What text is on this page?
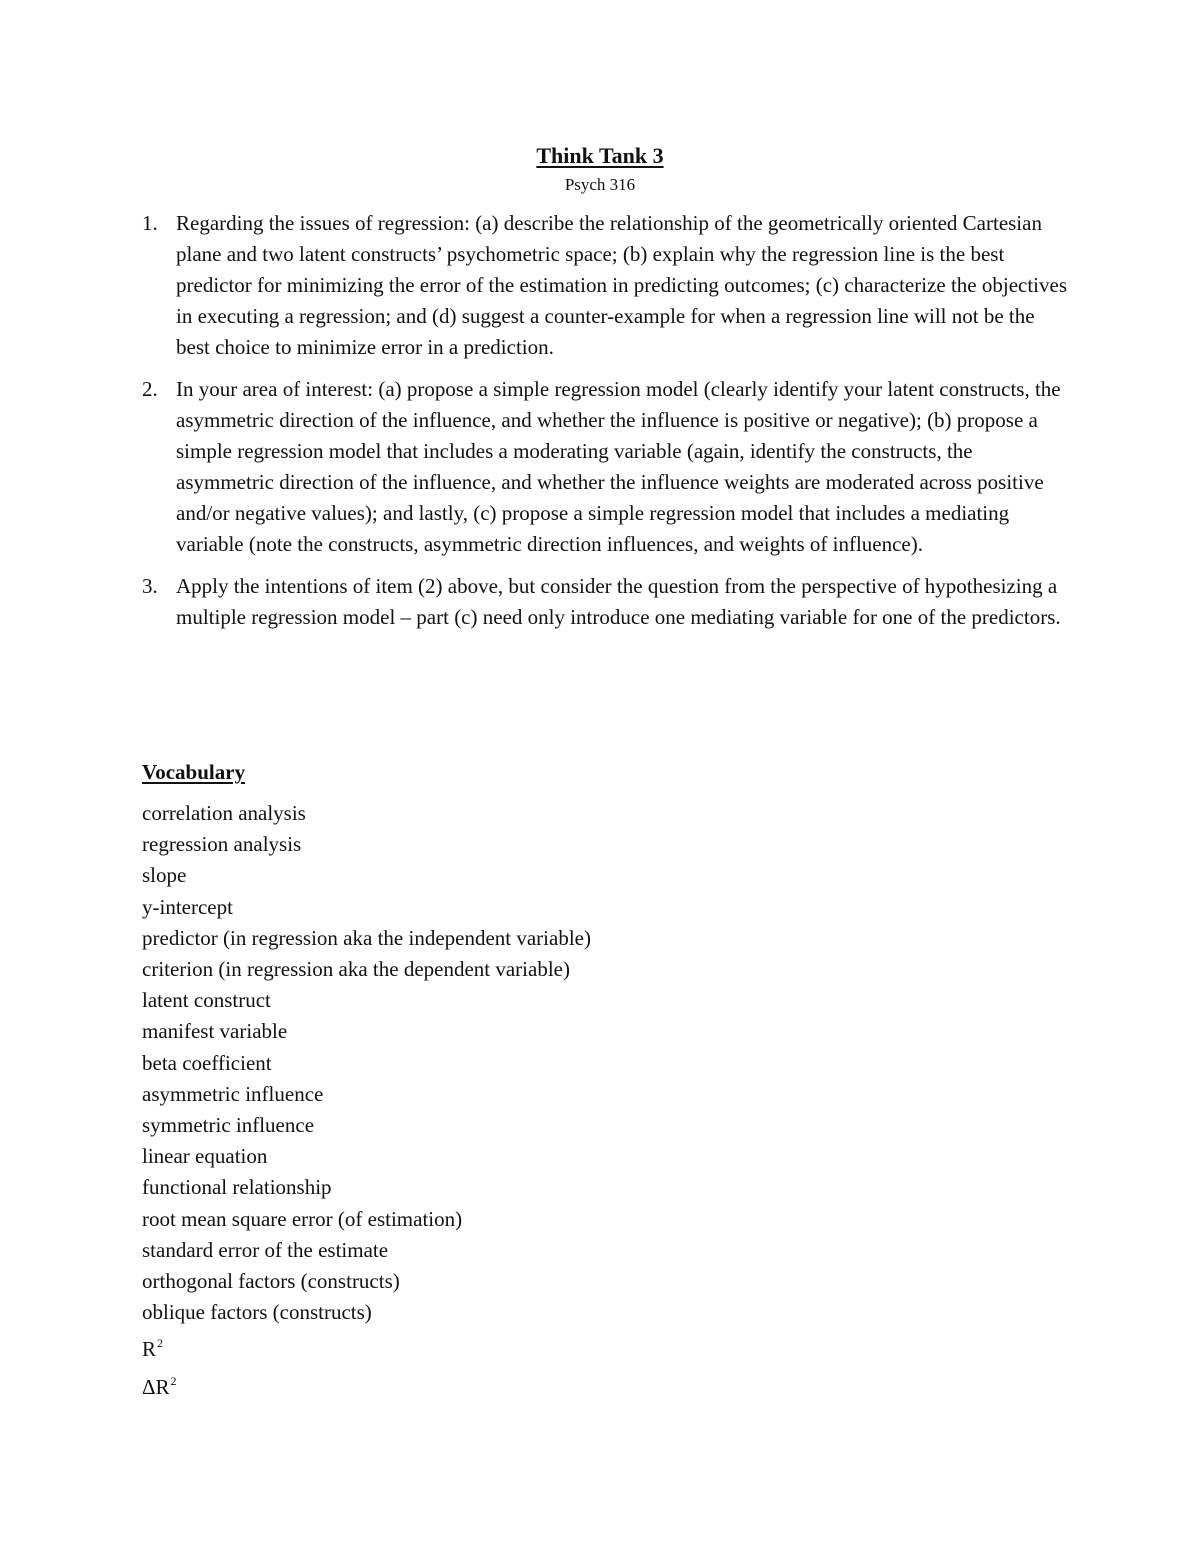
Think Tank 3
Psych 316
1. Regarding the issues of regression: (a) describe the relationship of the geometrically oriented Cartesian plane and two latent constructs’ psychometric space; (b) explain why the regression line is the best predictor for minimizing the error of the estimation in predicting outcomes; (c) characterize the objectives in executing a regression; and (d) suggest a counter-example for when a regression line will not be the best choice to minimize error in a prediction.
2. In your area of interest: (a) propose a simple regression model (clearly identify your latent constructs, the asymmetric direction of the influence, and whether the influence is positive or negative); (b) propose a simple regression model that includes a moderating variable (again, identify the constructs, the asymmetric direction of the influence, and whether the influence weights are moderated across positive and/or negative values); and lastly, (c) propose a simple regression model that includes a mediating variable (note the constructs, asymmetric direction influences, and weights of influence).
3. Apply the intentions of item (2) above, but consider the question from the perspective of hypothesizing a multiple regression model – part (c) need only introduce one mediating variable for one of the predictors.
Vocabulary
correlation analysis
regression analysis
slope
y-intercept
predictor (in regression aka the independent variable)
criterion (in regression aka the dependent variable)
latent construct
manifest variable
beta coefficient
asymmetric influence
symmetric influence
linear equation
functional relationship
root mean square error (of estimation)
standard error of the estimate
orthogonal factors (constructs)
oblique factors (constructs)
$R^2$
$\Delta R^2$
